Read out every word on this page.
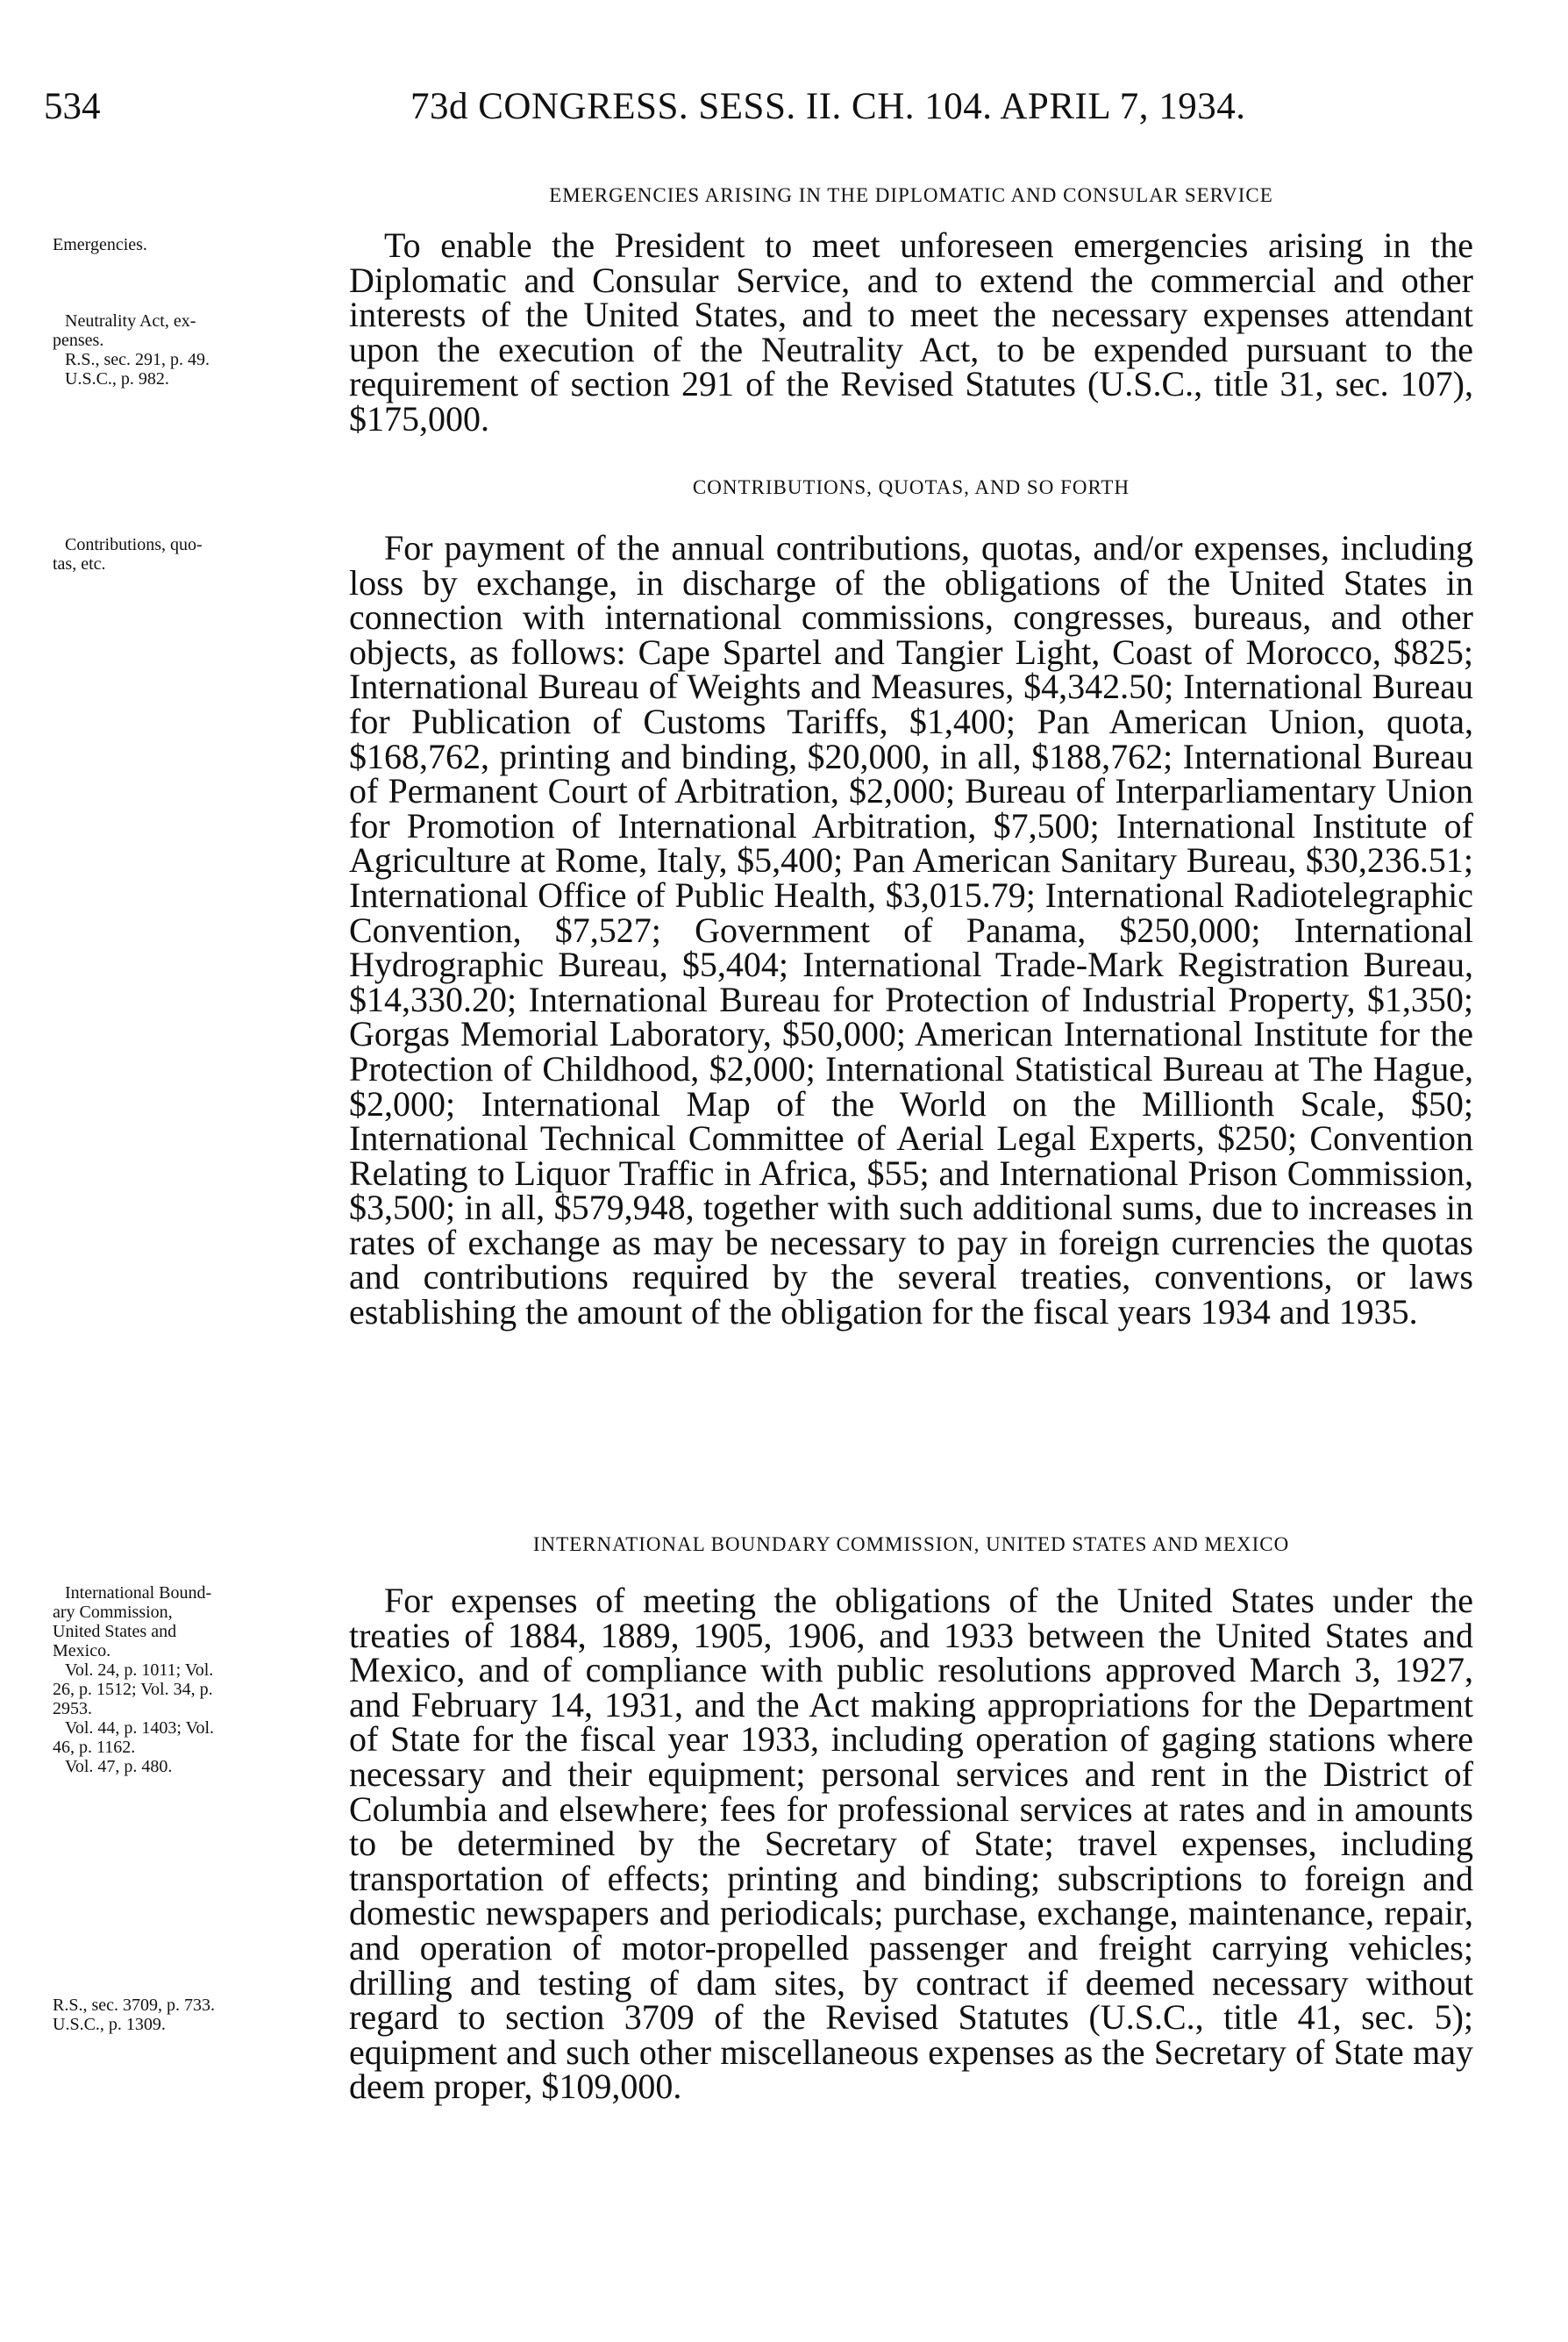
534	73d CONGRESS. SESS. II. CH. 104. APRIL 7, 1934.
EMERGENCIES ARISING IN THE DIPLOMATIC AND CONSULAR SERVICE
To enable the President to meet unforeseen emergencies arising in the Diplomatic and Consular Service, and to extend the commercial and other interests of the United States, and to meet the necessary expenses attendant upon the execution of the Neutrality Act, to be expended pursuant to the requirement of section 291 of the Revised Statutes (U.S.C., title 31, sec. 107), $175,000.
CONTRIBUTIONS, QUOTAS, AND SO FORTH
For payment of the annual contributions, quotas, and/or expenses, including loss by exchange, in discharge of the obligations of the United States in connection with international commissions, congresses, bureaus, and other objects, as follows: Cape Spartel and Tangier Light, Coast of Morocco, $825; International Bureau of Weights and Measures, $4,342.50; International Bureau for Publication of Customs Tariffs, $1,400; Pan American Union, quota, $168,762, printing and binding, $20,000, in all, $188,762; International Bureau of Permanent Court of Arbitration, $2,000; Bureau of Interparliamentary Union for Promotion of International Arbitration, $7,500; International Institute of Agriculture at Rome, Italy, $5,400; Pan American Sanitary Bureau, $30,236.51; International Office of Public Health, $3,015.79; International Radiotelegraphic Convention, $7,527; Government of Panama, $250,000; International Hydrographic Bureau, $5,404; International Trade-Mark Registration Bureau, $14,330.20; International Bureau for Protection of Industrial Property, $1,350; Gorgas Memorial Laboratory, $50,000; American International Institute for the Protection of Childhood, $2,000; International Statistical Bureau at The Hague, $2,000; International Map of the World on the Millionth Scale, $50; International Technical Committee of Aerial Legal Experts, $250; Convention Relating to Liquor Traffic in Africa, $55; and International Prison Commission, $3,500; in all, $579,948, together with such additional sums, due to increases in rates of exchange as may be necessary to pay in foreign currencies the quotas and contributions required by the several treaties, conventions, or laws establishing the amount of the obligation for the fiscal years 1934 and 1935.
INTERNATIONAL BOUNDARY COMMISSION, UNITED STATES AND MEXICO
For expenses of meeting the obligations of the United States under the treaties of 1884, 1889, 1905, 1906, and 1933 between the United States and Mexico, and of compliance with public resolutions approved March 3, 1927, and February 14, 1931, and the Act making appropriations for the Department of State for the fiscal year 1933, including operation of gaging stations where necessary and their equipment; personal services and rent in the District of Columbia and elsewhere; fees for professional services at rates and in amounts to be determined by the Secretary of State; travel expenses, including transportation of effects; printing and binding; subscriptions to foreign and domestic newspapers and periodicals; purchase, exchange, maintenance, repair, and operation of motor-propelled passenger and freight carrying vehicles; drilling and testing of dam sites, by contract if deemed necessary without regard to section 3709 of the Revised Statutes (U.S.C., title 41, sec. 5); equipment and such other miscellaneous expenses as the Secretary of State may deem proper, $109,000.
Emergencies.
Neutrality Act, ex-
penses.
R.S., sec. 291, p. 49.
U.S.C., p. 982.
Contributions, quo-
tas, etc.
International Bound-
ary Commission,
United States and
Mexico.
Vol. 24, p. 1011; Vol.
26, p. 1512; Vol. 34, p.
2953.
Vol. 44, p. 1403; Vol.
46, p. 1162.
Vol. 47, p. 480.
R.S., sec. 3709, p. 733.
U.S.C., p. 1309.
